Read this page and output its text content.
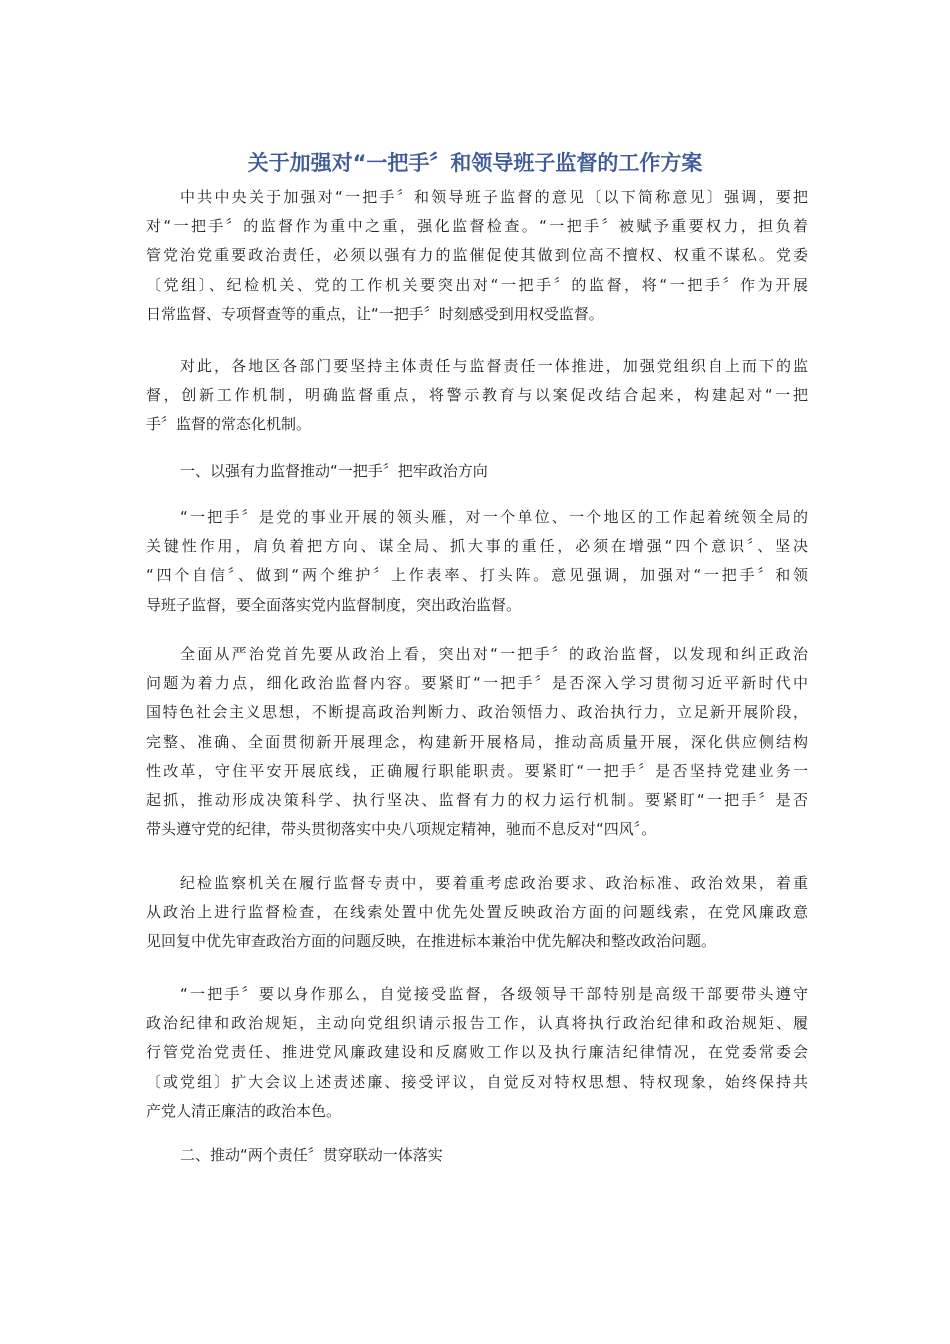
关于加强对“一把手〞和领导班子监督的工作方案

中共中央关于加强对“一把手〞和领导班子监督的意见〔以下简称意见〕强调，要把
对“一把手〞的监督作为重中之重，强化监督检查。“一把手〞被赋予重要权力，担负着
管党治党重要政治责任，必须以强有力的监催促使其做到位高不擅权、权重不谋私。党委
〔党组〕、纪检机关、党的工作机关要突出对“一把手〞的监督，将“一把手〞作为开展
日常监督、专项督查等的重点，让“一把手〞时刻感受到用权受监督。

对此，各地区各部门要坚持主体责任与监督责任一体推进，加强党组织自上而下的监
督，创新工作机制，明确监督重点，将警示教育与以案促改结合起来，构建起对“一把
手〞监督的常态化机制。

一、以强有力监督推动“一把手〞把牢政治方向

“一把手〞是党的事业开展的领头雁，对一个单位、一个地区的工作起着统领全局的
关键性作用，肩负着把方向、谋全局、抓大事的重任，必须在增强“四个意识〞、坚决
“四个自信〞、做到“两个维护〞上作表率、打头阵。意见强调，加强对“一把手〞和领
导班子监督，要全面落实党内监督制度，突出政治监督。

全面从严治党首先要从政治上看，突出对“一把手〞的政治监督，以发现和纠正政治
问题为着力点，细化政治监督内容。要紧盯“一把手〞是否深入学习贯彻习近平新时代中
国特色社会主义思想，不断提高政治判断力、政治领悟力、政治执行力，立足新开展阶段，
完整、准确、全面贯彻新开展理念，构建新开展格局，推动高质量开展，深化供应侧结构
性改革，守住平安开展底线，正确履行职能职责。要紧盯“一把手〞是否坚持党建业务一
起抓，推动形成决策科学、执行坚决、监督有力的权力运行机制。要紧盯“一把手〞是否
带头遵守党的纪律，带头贯彻落实中央八项规定精神，驰而不息反对“四风〞。

纪检监察机关在履行监督专责中，要着重考虑政治要求、政治标准、政治效果，着重
从政治上进行监督检查，在线索处置中优先处置反映政治方面的问题线索，在党风廉政意
见回复中优先审查政治方面的问题反映，在推进标本兼治中优先解决和整改政治问题。

“一把手〞要以身作那么，自觉接受监督，各级领导干部特别是高级干部要带头遵守
政治纪律和政治规矩，主动向党组织请示报告工作，认真将执行政治纪律和政治规矩、履
行管党治党责任、推进党风廉政建设和反腐败工作以及执行廉洁纪律情况，在党委常委会
〔或党组〕扩大会议上述责述廉、接受评议，自觉反对特权思想、特权现象，始终保持共
产党人清正廉洁的政治本色。

二、推动“两个责任〞贯穿联动一体落实
